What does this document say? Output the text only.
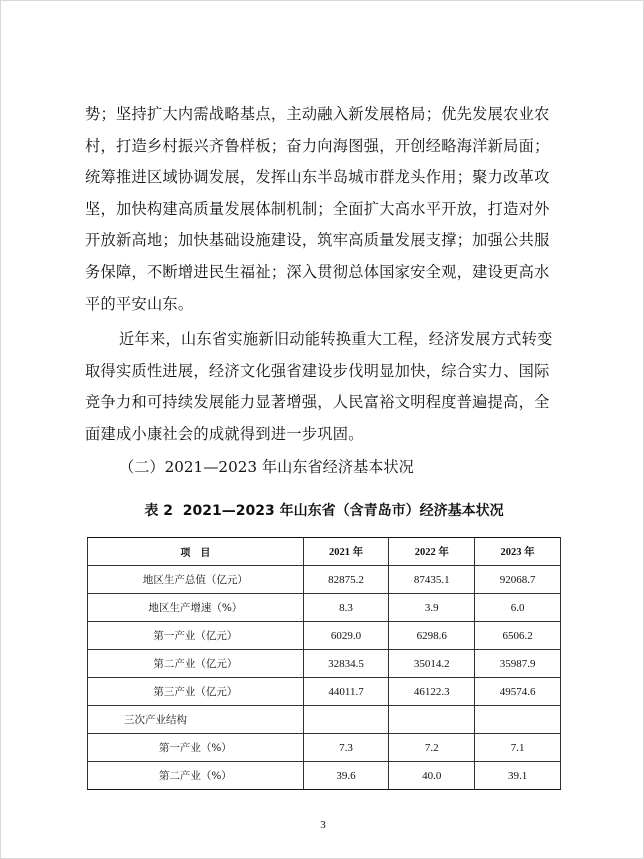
势；坚持扩大内需战略基点，主动融入新发展格局；优先发展农业农村，打造乡村振兴齐鲁样板；奋力向海图强，开创经略海洋新局面；统筹推进区域协调发展，发挥山东半岛城市群龙头作用；聚力改革攻坚，加快构建高质量发展体制机制；全面扩大高水平开放，打造对外开放新高地；加快基础设施建设，筑牢高质量发展支撑；加强公共服务保障，不断增进民生福祉；深入贯彻总体国家安全观，建设更高水平的平安山东。

近年来，山东省实施新旧动能转换重大工程，经济发展方式转变取得实质性进展，经济文化强省建设步伐明显加快，综合实力、国际竞争力和可持续发展能力显著增强，人民富裕文明程度普遍提高，全面建成小康社会的成就得到进一步巩固。

（二）2021—2023 年山东省经济基本状况

表 2 2021—2023 年山东省（含青岛市）经济基本状况
项　目	2021 年	2022 年	2023 年
地区生产总值（亿元）	82875.2	87435.1	92068.7
地区生产增速（%）	8.3	3.9	6.0
第一产业（亿元）	6029.0	6298.6	6506.2
第二产业（亿元）	32834.5	35014.2	35987.9
第三产业（亿元）	44011.7	46122.3	49574.6
三次产业结构			
第一产业（%）	7.3	7.2	7.1
第二产业（%）	39.6	40.0	39.1
3
